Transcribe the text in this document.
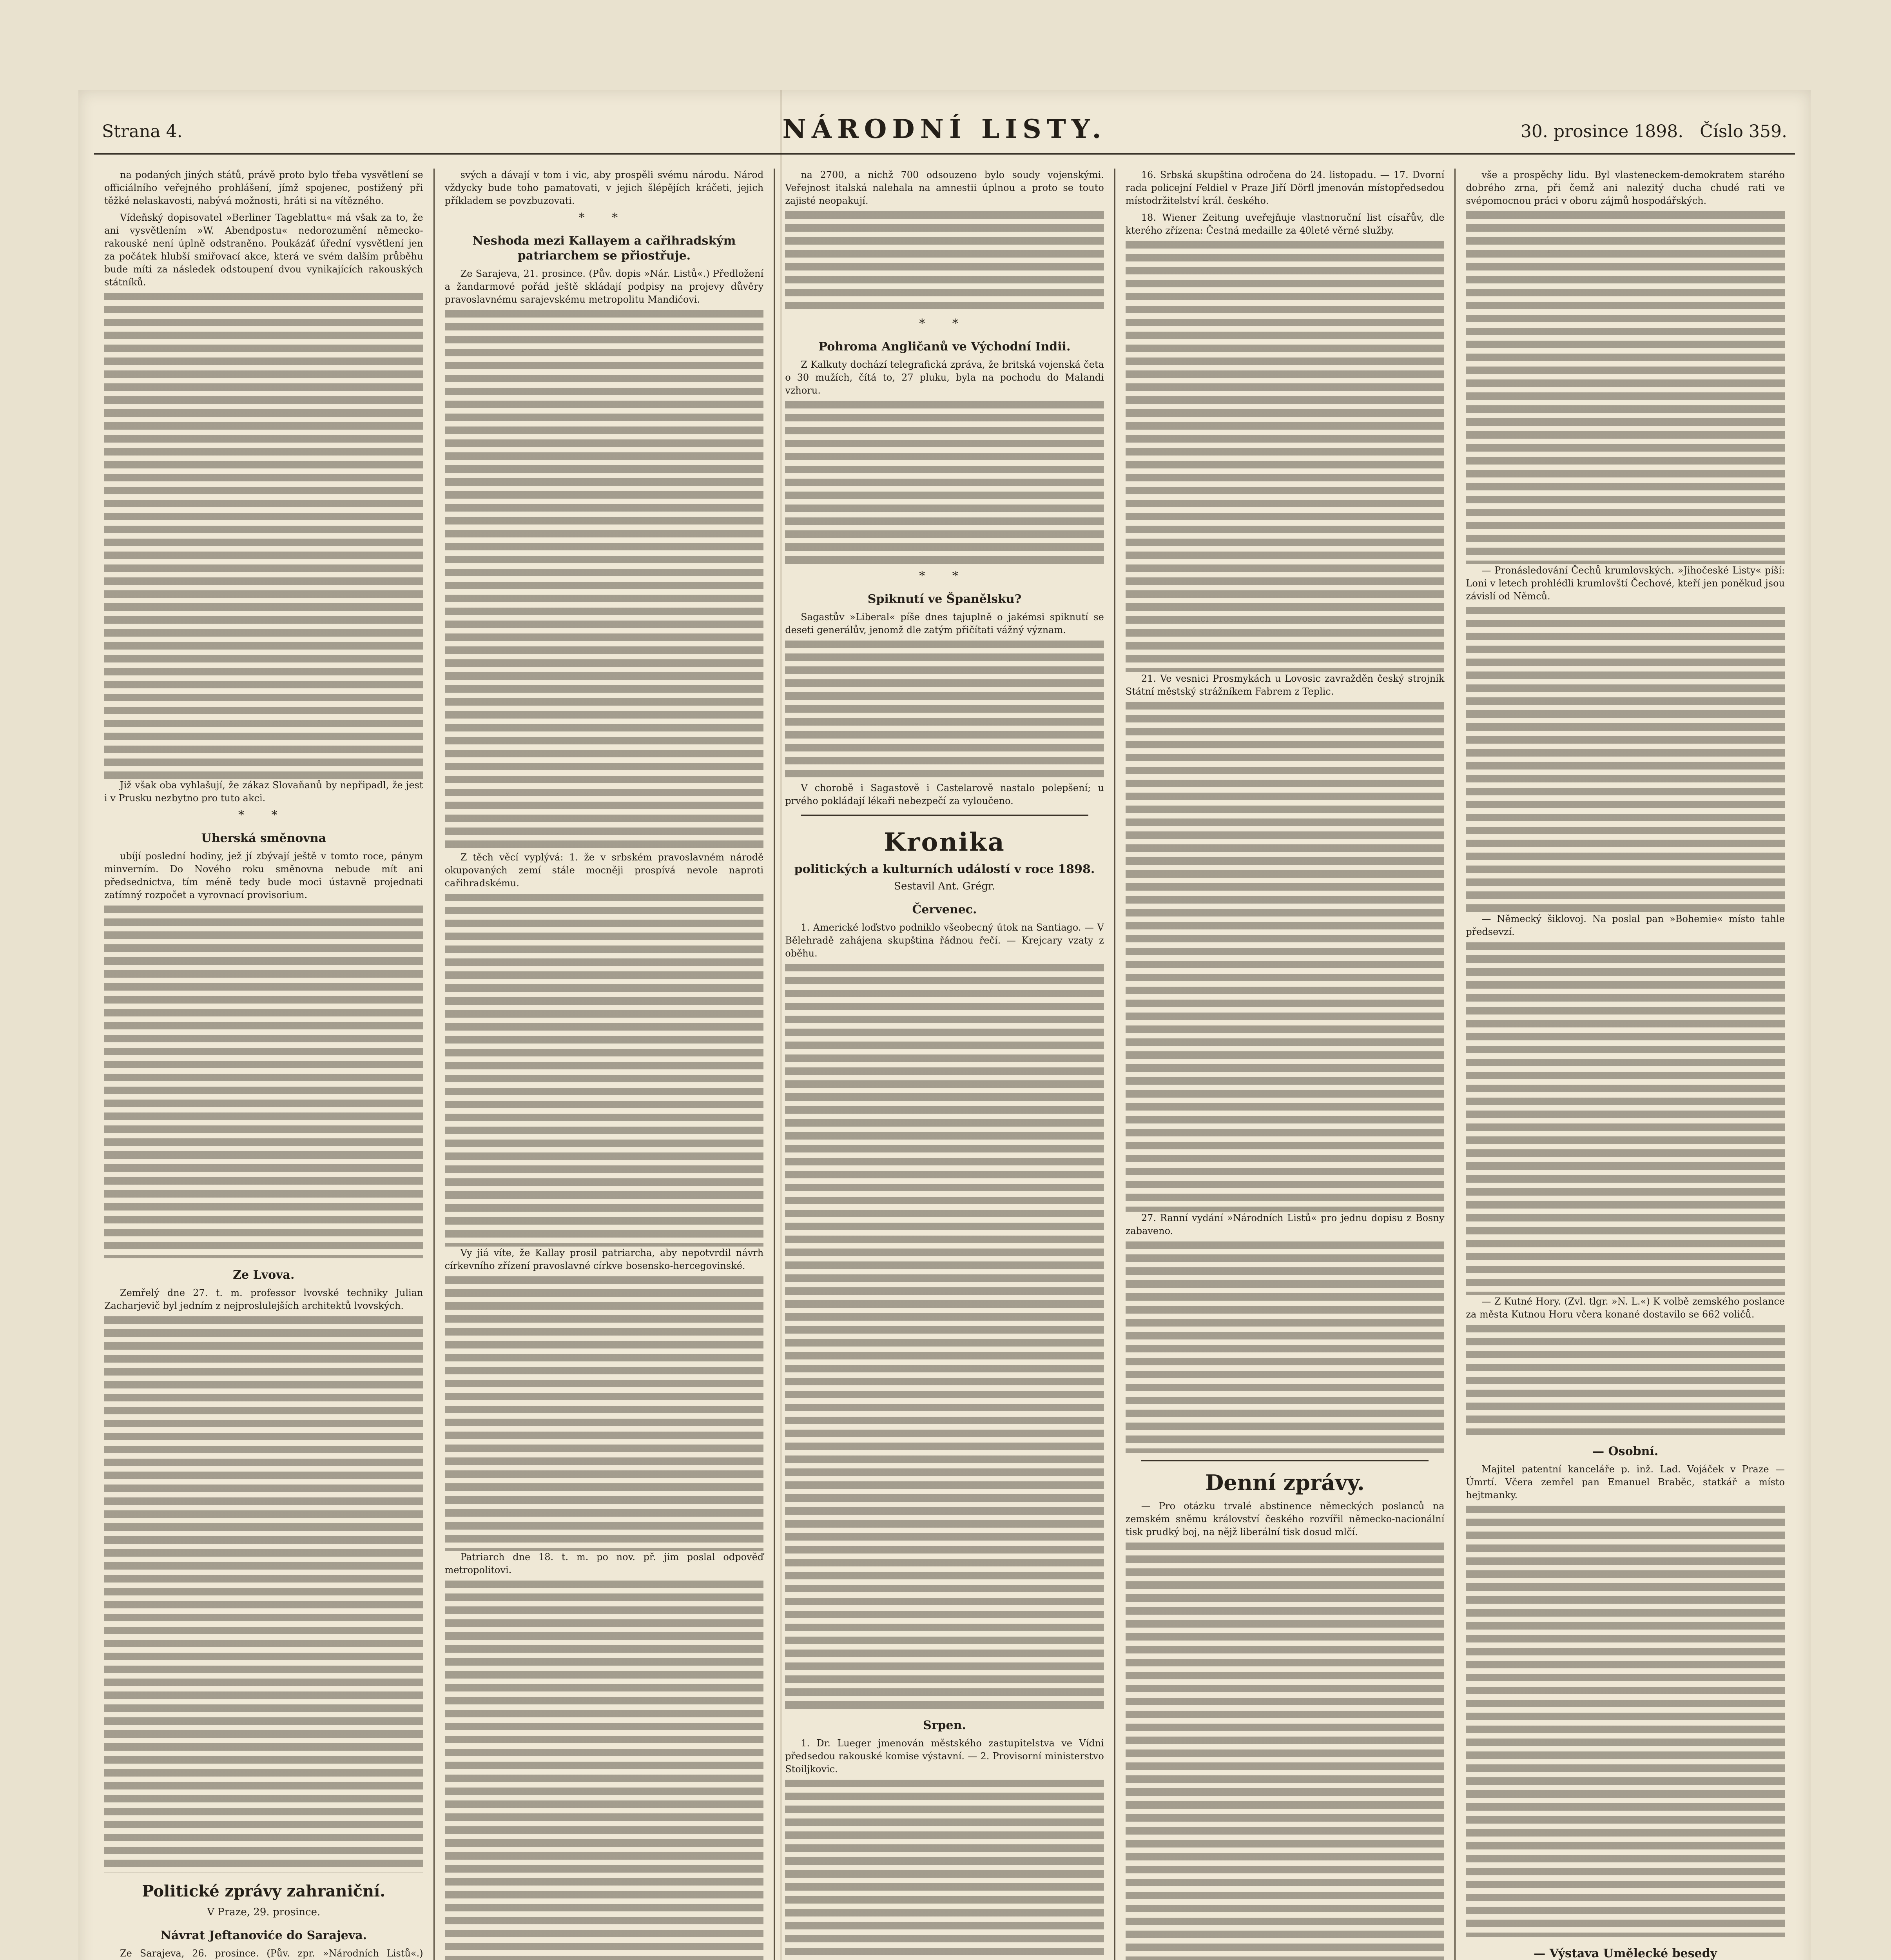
Strana 4.	NÁRODNÍ LISTY.	30. prosince 1898. Číslo 359.

na podaných jiných států, právě proto bylo třeba vysvětlení se officiálního veřejného prohlášení, jímž spojenec, postižený při těžké nelaskavosti, nabývá možnosti, hráti si na vítězného.

Vídeňský dopisovatel »Berliner Tageblattu« má však za to, že ani vysvětlením »W. Abendpostu« nedorozumění německo-rakouské není úplně odstraněno. Poukázáť úřední vysvětlení jen za počátek hlubší smiřovací akce, která ve svém dalším průběhu bude míti za následek odstoupení dvou vynikajících rakouských státníků.

Již však oba vyhlašují, že zákaz Slovaňanů by nepřipadl, že jest i v Prusku nezbytno pro tuto akci.

* *
Uherská směnovna

ubíjí poslední hodiny, jež jí zbývají ještě v tomto roce, pánym minverním. Do Nového roku směnovna nebude mít ani předsednictva, tím méně tedy bude moci ústavně projednati zatímný rozpočet a vyrovnací provisorium.

Ze Lvova.

Zemřelý dne 27. t. m. professor lvovské techniky Julian Zacharjevič byl jedním z nejproslulejších architektů lvovských.

Politické zprávy zahraniční.
V Praze, 29. prosince.
Návrat Jeftanoviće do Sarajeva.

Ze Sarajeva, 26. prosince. (Pův. zpr. »Národních Listů«.)

svých a dávají v tom i vic, aby prospěli svému národu. Národ vždycky bude toho pamatovati, v jejich šlépějích kráčeti, jejich příkladem se povzbuzovati.

* *
Neshoda mezi Kallayem a cařihradským patriarchem se přiostřuje.

Ze Sarajeva, 21. prosince. (Pův. dopis »Nár. Listů«.) Předložení a žandarmové pořád ještě skládají podpisy na projevy důvěry pravoslavnému sarajevskému metropolitu Mandićovi.

Z těch věcí vyplývá: 1. že v srbském pravoslavném národě okupovaných zemí stále mocněji prospívá nevole naproti cařihradskému.

Vy jiá víte, že Kallay prosil patriarcha, aby nepotvrdil návrh církevního zřízení pravoslavné církve bosensko-hercegovinské.

Patriarch dne 18. t. m. po nov. př. jim poslal odpověď metropolitovi.

na 2700, a nichž 700 odsouzeno bylo soudy vojenskými. Veřejnost italská nalehala na amnestii úplnou a proto se touto zajisté neopakují.

* *
Pohroma Angličanů ve Východní Indii.

Z Kalkuty dochází telegrafická zpráva, že britská vojenská četa o 30 mužích, čítá to, 27 pluku, byla na pochodu do Malandi vzhoru.

* *
Spiknutí ve Španělsku?

Sagastův »Liberal« píše dnes tajuplně o jakémsi spiknutí se deseti generálův, jenomž dle zatým přičítati vážný význam.

V chorobě i Sagastově i Castelarově nastalo polepšení; u prvého pokládají lékaři nebezpečí za vyloučeno.

Kronika
politických a kulturních událostí v roce 1898.
Sestavil Ant. Grégr.
Červenec.

1. Americké loďstvo podniklo všeobecný útok na Santiago. — V Bělehradě zahájena skupština řádnou řečí. — Krejcary vzaty z oběhu.

Srpen.

1. Dr. Lueger jmenován městského zastupitelstva ve Vídni předsedou rakouské komise výstavní. — 2. Provisorní ministerstvo Stoiljkovic.

16. Srbská skupština odročena do 24. listopadu. — 17. Dvorní rada policejní Feldiel v Praze Jiří Dörfl jmenován místopředsedou místodržitelství král. českého.

18. Wiener Zeitung uveřejňuje vlastnoruční list císařův, dle kterého zřízena: Čestná medaille za 40leté věrné služby.

21. Ve vesnici Prosmykách u Lovosic zavražděn český strojník Státní městský strážníkem Fabrem z Teplic.

27. Ranní vydání »Národních Listů« pro jednu dopisu z Bosny zabaveno.

Denní zprávy.

— Pro otázku trvalé abstinence německých poslanců na zemském sněmu království českého rozvířil německo-nacionální tisk prudký boj, na nějž liberální tisk dosud mlčí.

vše a prospěchy lidu. Byl vlasteneckem-demokratem starého dobrého zrna, při čemž ani nalezitý ducha chudé rati ve svépomocnou práci v oboru zájmů hospodářských.

— Pronásledování Čechů krumlovských. »Jihočeské Listy« píší: Loni v letech prohlédli krumlovští Čechové, kteří jen poněkud jsou závislí od Němců.

— Německý šiklovoj. Na poslal pan »Bohemie« místo tahle předsevzí.

— Z Kutné Hory. (Zvl. tlgr. »N. L.«) K volbě zemského poslance za města Kutnou Horu včera konané dostavilo se 662 voličů.

— Osobní.

Majitel patentní kanceláře p. inž. Lad. Vojáček v Praze — Úmrtí. Včera zemřel pan Emanuel Braběc, statkář a místo hejtmanky.

— Výstava Umělecké besedy
